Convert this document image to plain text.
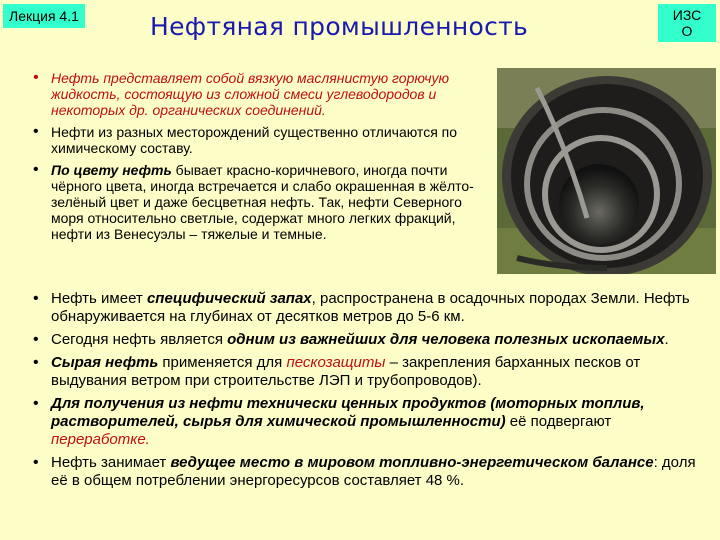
Лекция 4.1	ИЗС
О
Нефтяная промышленность
• Нефть представляет собой вязкую маслянистую горючую жидкость, состоящую из сложной смеси углеводородов и некоторых др. органических соединений.
• Нефти из разных месторождений существенно отличаются по химическому составу.
• По цвету нефть бывает красно-коричневого, иногда почти чёрного цвета, иногда встречается и слабо окрашенная в жёлто-зелёный цвет и даже бесцветная нефть. Так, нефти Северного моря относительно светлые, содержат много легких фракций, нефти из Венесуэлы – тяжелые и темные.
• Нефть имеет специфический запах, распространена в осадочных породах Земли. Нефть обнаруживается на глубинах от десятков метров до 5-6 км.
• Сегодня нефть является одним из важнейших для человека полезных ископаемых.
• Сырая нефть применяется для пескозащиты – закрепления барханных песков от выдувания ветром при строительстве ЛЭП и трубопроводов).
• Для получения из нефти технически ценных продуктов (моторных топлив, растворителей, сырья для химической промышленности) её подвергают переработке.
• Нефть занимает ведущее место в мировом топливно-энергетическом балансе: доля её в общем потреблении энергоресурсов составляет 48 %.
